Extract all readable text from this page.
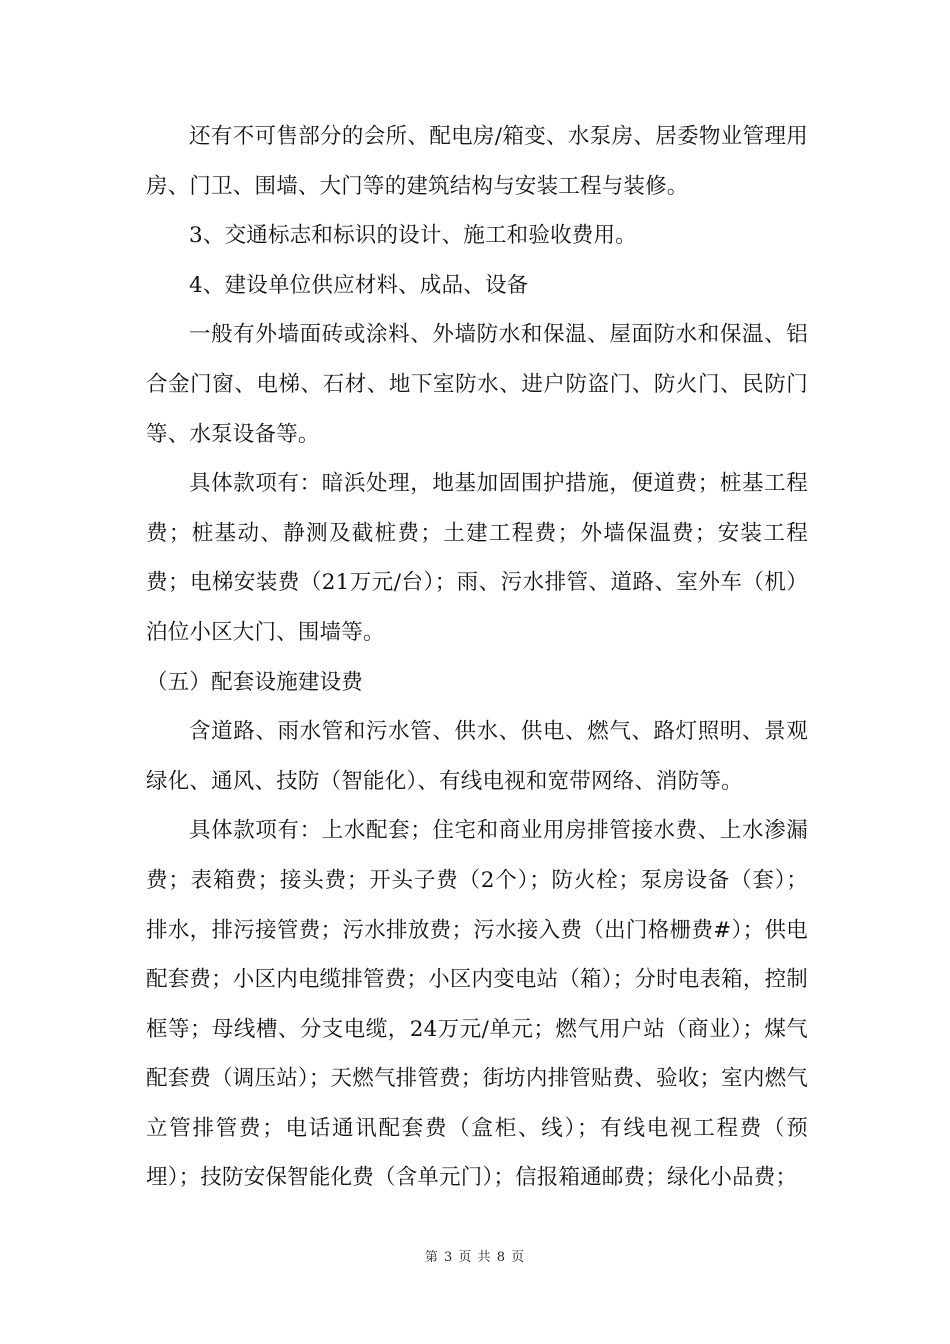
还有不可售部分的会所、配电房/箱变、水泵房、居委物业管理用房、门卫、围墙、大门等的建筑结构与安装工程与装修。

3、交通标志和标识的设计、施工和验收费用。

4、建设单位供应材料、成品、设备

一般有外墙面砖或涂料、外墙防水和保温、屋面防水和保温、铝合金门窗、电梯、石材、地下室防水、进户防盗门、防火门、民防门等、水泵设备等。

具体款项有：暗浜处理，地基加固围护措施，便道费；桩基工程费；桩基动、静测及截桩费；土建工程费；外墙保温费；安装工程费；电梯安装费（21万元/台）；雨、污水排管、道路、室外车（机）泊位小区大门、围墙等。

（五）配套设施建设费

含道路、雨水管和污水管、供水、供电、燃气、路灯照明、景观绿化、通风、技防（智能化）、有线电视和宽带网络、消防等。

具体款项有：上水配套；住宅和商业用房排管接水费、上水渗漏费；表箱费；接头费；开头子费（2个）；防火栓；泵房设备（套）；排水，排污接管费；污水排放费；污水接入费（出门格栅费#）；供电配套费；小区内电缆排管费；小区内变电站（箱）；分时电表箱，控制框等；母线槽、分支电缆，24万元/单元；燃气用户站（商业）；煤气配套费（调压站）；天燃气排管费；街坊内排管贴费、验收；室内燃气立管排管费；电话通讯配套费（盒柜、线）；有线电视工程费（预埋）；技防安保智能化费（含单元门）；信报箱通邮费；绿化小品费；

第 3 页 共 8 页
